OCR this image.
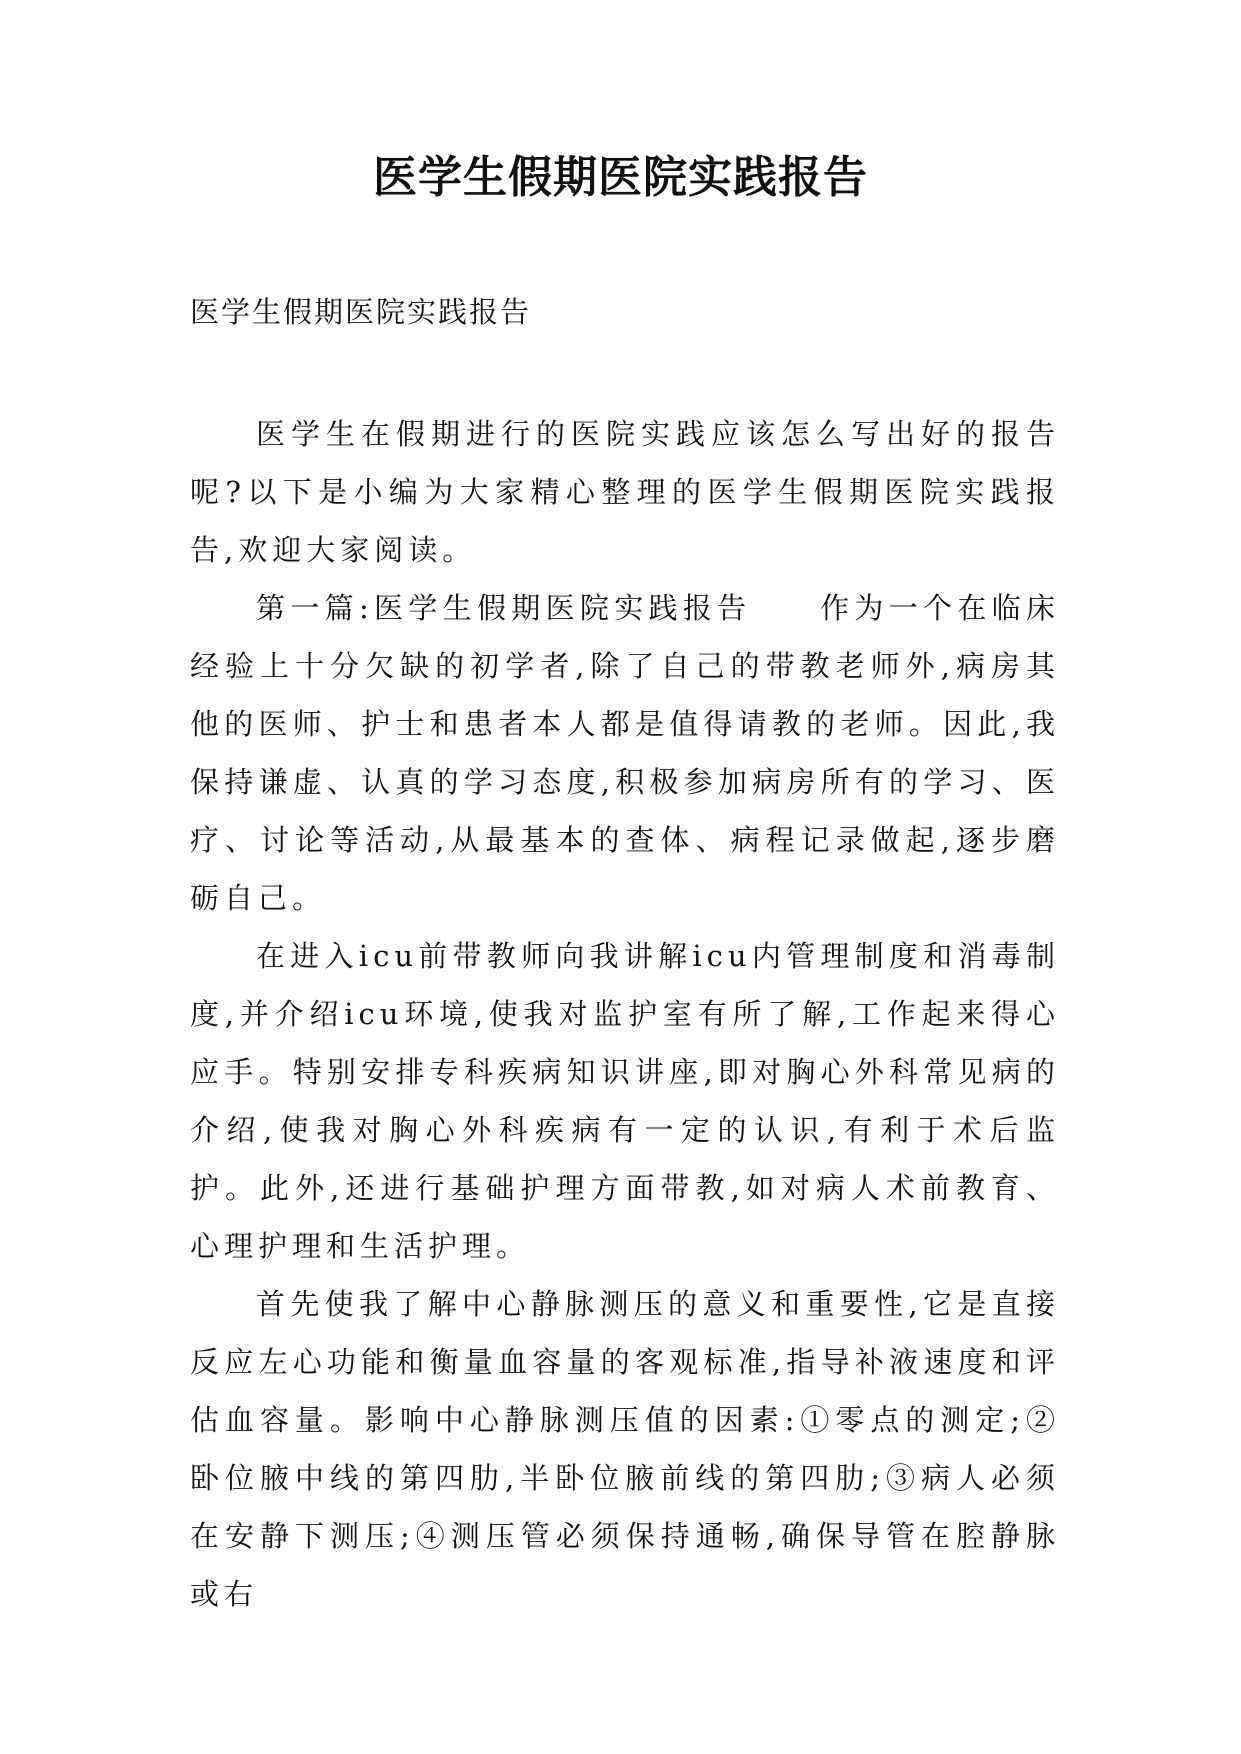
医学生假期医院实践报告

医学生假期医院实践报告

医学生在假期进行的医院实践应该怎么写出好的报告呢?以下是小编为大家精心整理的医学生假期医院实践报告,欢迎大家阅读。

第一篇:医学生假期医院实践报告　　作为一个在临床经验上十分欠缺的初学者,除了自己的带教老师外,病房其他的医师、护士和患者本人都是值得请教的老师。因此,我保持谦虚、认真的学习态度,积极参加病房所有的学习、医疗、讨论等活动,从最基本的查体、病程记录做起,逐步磨砺自己。

在进入icu前带教师向我讲解icu内管理制度和消毒制度,并介绍icu环境,使我对监护室有所了解,工作起来得心应手。特别安排专科疾病知识讲座,即对胸心外科常见病的介绍,使我对胸心外科疾病有一定的认识,有利于术后监护。此外,还进行基础护理方面带教,如对病人术前教育、心理护理和生活护理。

首先使我了解中心静脉测压的意义和重要性,它是直接反应左心功能和衡量血容量的客观标准,指导补液速度和评估血容量。影响中心静脉测压值的因素:①零点的测定;②卧位腋中线的第四肋,半卧位腋前线的第四肋;③病人必须在安静下测压;④测压管必须保持通畅,确保导管在腔静脉或右
